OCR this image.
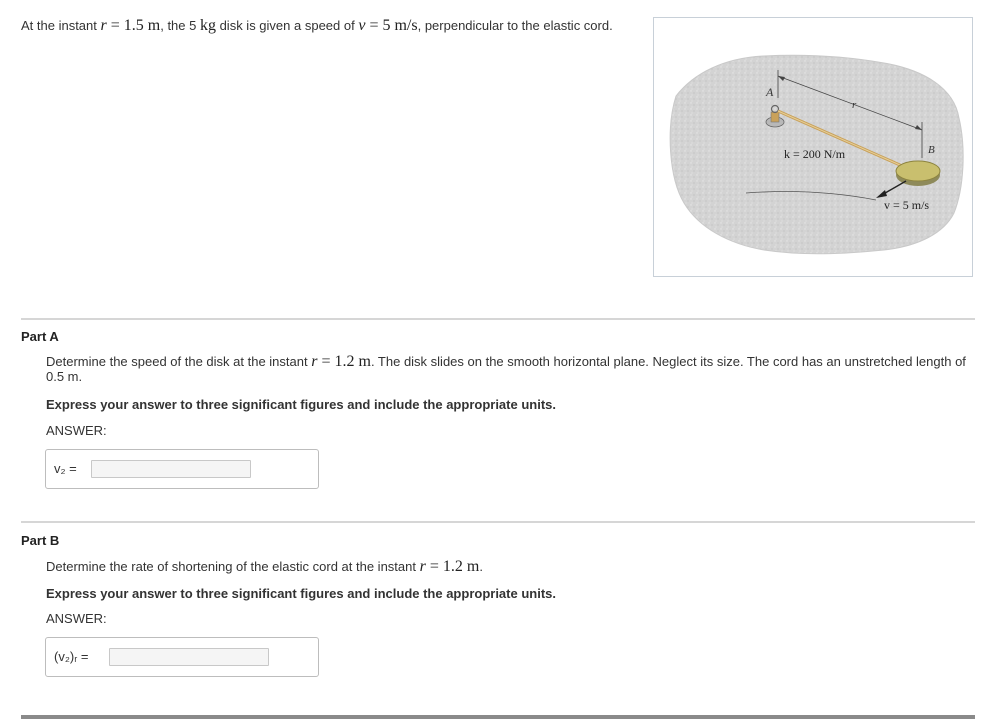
At the instant r = 1.5 m, the 5 kg disk is given a speed of v = 5 m/s, perpendicular to the elastic cord.
r
A
k = 200 N/m	B
v = 5 m/s
Part A
Determine the speed of the disk at the instant r = 1.2 m. The disk slides on the smooth horizontal plane. Neglect its size. The cord has an unstretched length of
0.5 m.
Express your answer to three significant figures and include the appropriate units.
ANSWER:
v₂ =
Part B
Determine the rate of shortening of the elastic cord at the instant r = 1.2 m.
Express your answer to three significant figures and include the appropriate units.
ANSWER:
(v₂)ᵣ =
